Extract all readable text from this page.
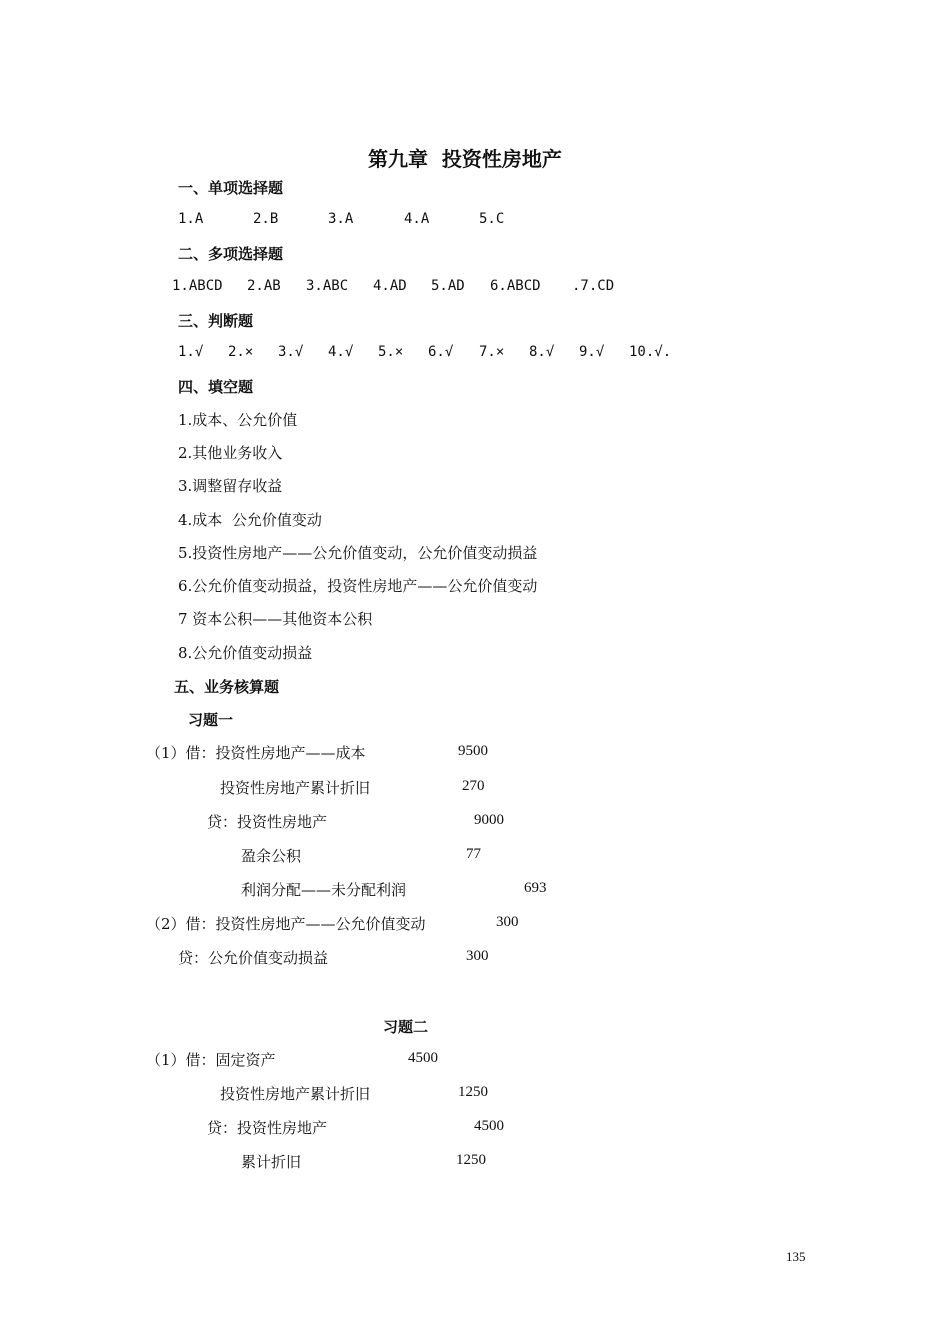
第九章  投资性房地产
一、单项选择题
1.A	2.B	3.A	4.A	5.C
二、多项选择题
1.ABCD 2.AB 3.ABC 4.AD 5.AD 6.ABCD .7.CD
三、判断题
1.√ 2.× 3.√ 4.√ 5.× 6.√ 7.× 8.√ 9.√ 10.√.
四、填空题
1.成本、公允价值
2.其他业务收入
3.调整留存收益
4.成本  公允价值变动
5.投资性房地产——公允价值变动，公允价值变动损益
6.公允价值变动损益，投资性房地产——公允价值变动
7 资本公积——其他资本公积
8.公允价值变动损益
五、业务核算题
习题一
（1）借：投资性房地产——成本	9500
投资性房地产累计折旧	270
贷：投资性房地产	9000
盈余公积	77
利润分配——未分配利润	693
（2）借：投资性房地产——公允价值变动	300
贷：公允价值变动损益	300
习题二
（1）借：固定资产	4500
投资性房地产累计折旧	1250
贷：投资性房地产	4500
累计折旧	1250
135
